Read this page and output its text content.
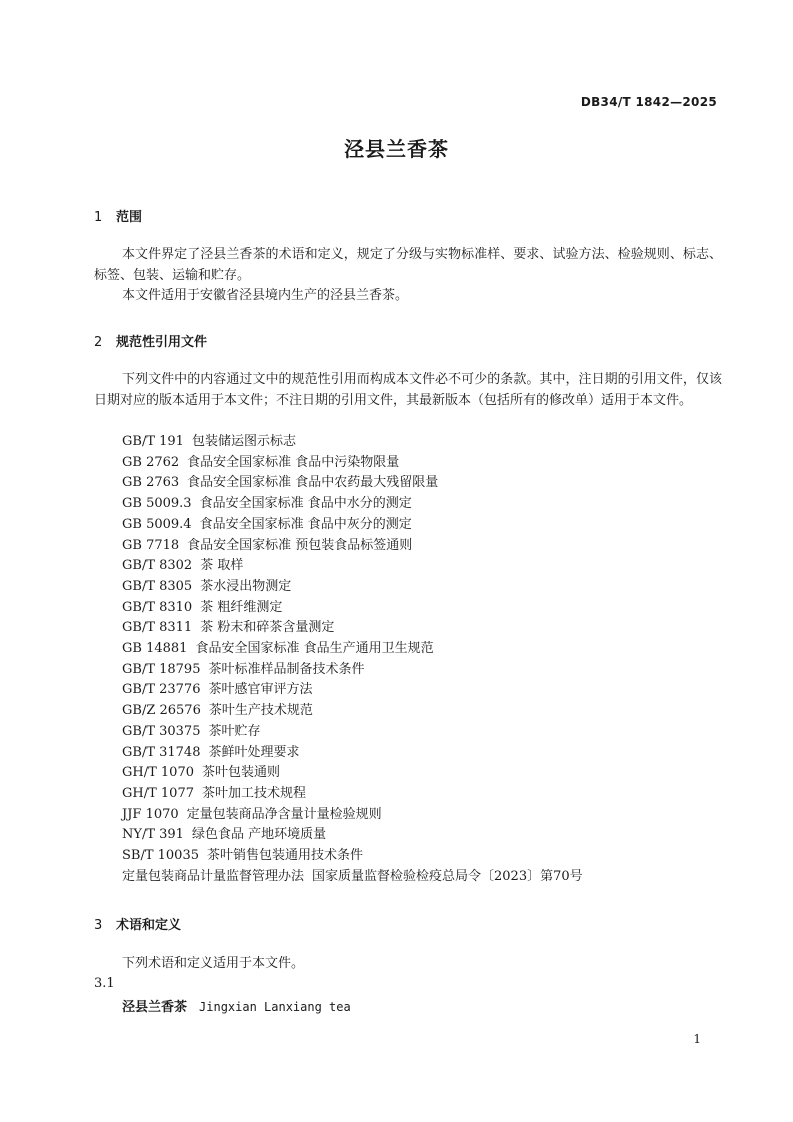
DB34/T 1842—2025
泾县兰香茶
1 范围
本文件界定了泾县兰香茶的术语和定义，规定了分级与实物标准样、要求、试验方法、检验规则、标志、标签、包装、运输和贮存。
本文件适用于安徽省泾县境内生产的泾县兰香茶。
2 规范性引用文件
下列文件中的内容通过文中的规范性引用而构成本文件必不可少的条款。其中，注日期的引用文件，仅该日期对应的版本适用于本文件；不注日期的引用文件，其最新版本（包括所有的修改单）适用于本文件。
GB/T 191 包装储运图示标志
GB 2762 食品安全国家标准 食品中污染物限量
GB 2763 食品安全国家标准 食品中农药最大残留限量
GB 5009.3 食品安全国家标准 食品中水分的测定
GB 5009.4 食品安全国家标准 食品中灰分的测定
GB 7718 食品安全国家标准 预包装食品标签通则
GB/T 8302 茶 取样
GB/T 8305 茶水浸出物测定
GB/T 8310 茶 粗纤维测定
GB/T 8311 茶 粉末和碎茶含量测定
GB 14881 食品安全国家标准 食品生产通用卫生规范
GB/T 18795 茶叶标准样品制备技术条件
GB/T 23776 茶叶感官审评方法
GB/Z 26576 茶叶生产技术规范
GB/T 30375 茶叶贮存
GB/T 31748 茶鲜叶处理要求
GH/T 1070 茶叶包装通则
GH/T 1077 茶叶加工技术规程
JJF 1070 定量包装商品净含量计量检验规则
NY/T 391 绿色食品 产地环境质量
SB/T 10035 茶叶销售包装通用技术条件
定量包装商品计量监督管理办法 国家质量监督检验检疫总局令〔2023〕第70号
3 术语和定义
下列术语和定义适用于本文件。
3.1
泾县兰香茶 Jingxian Lanxiang tea
1
